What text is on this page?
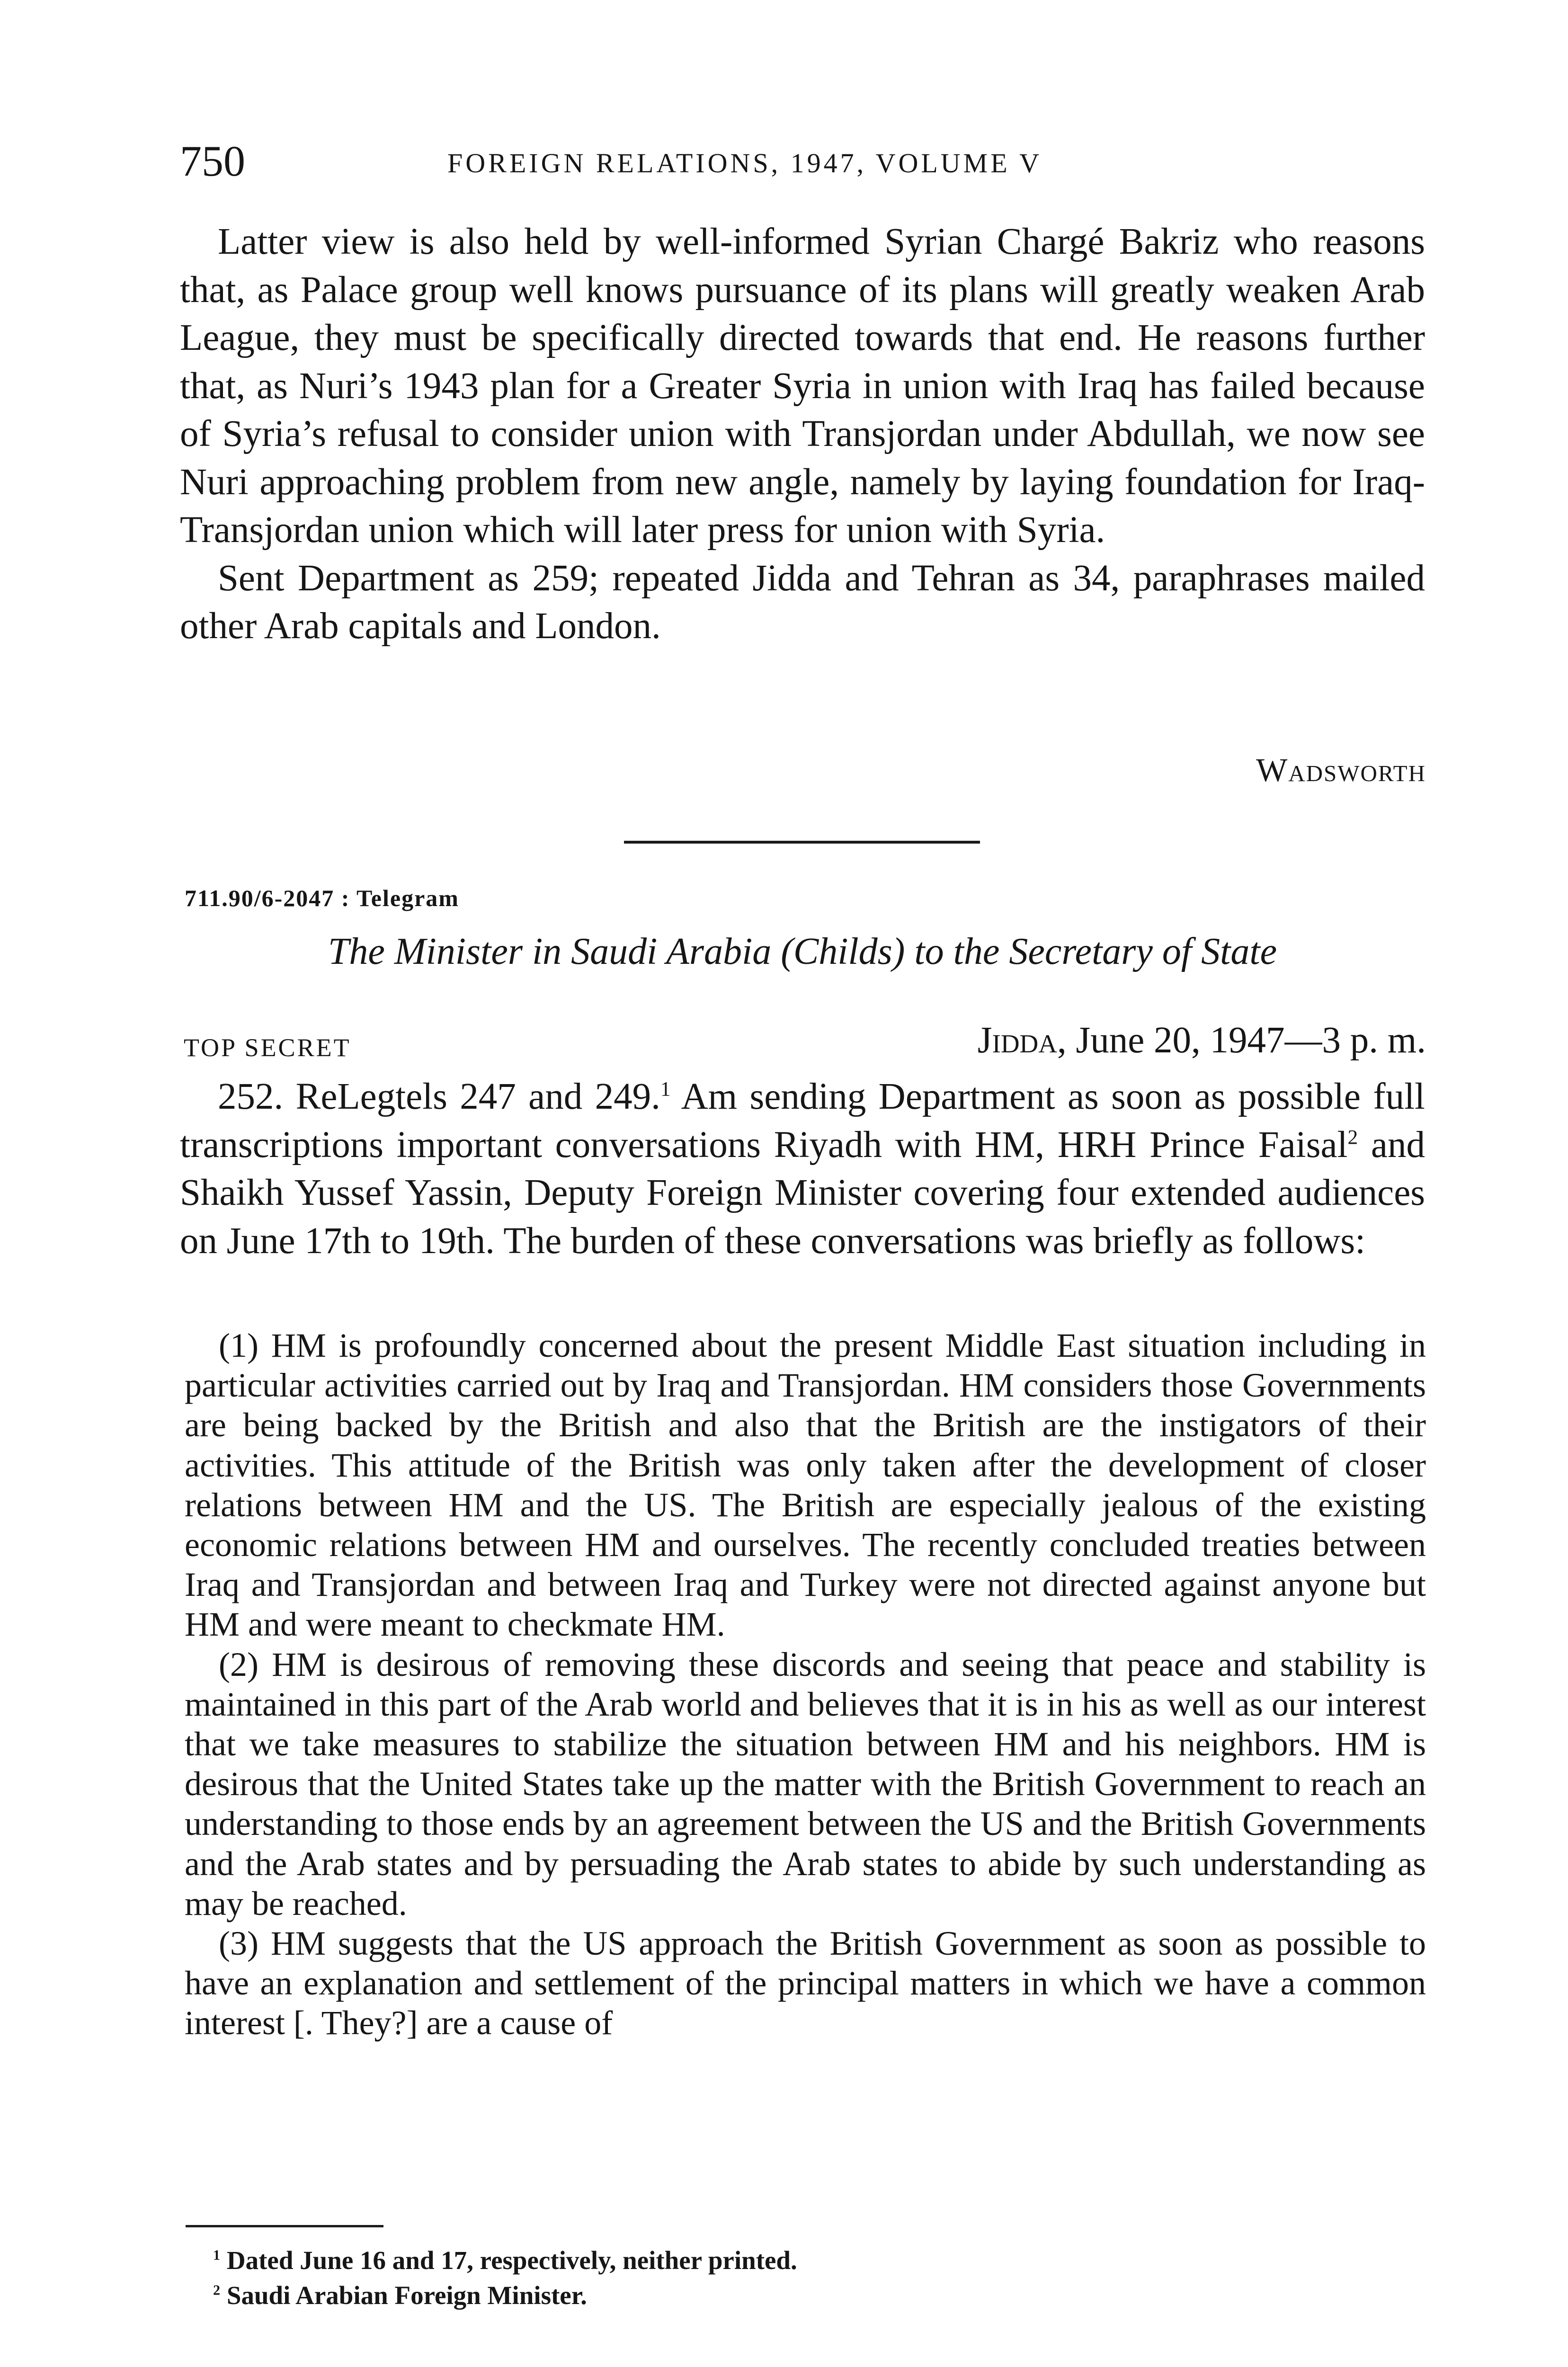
750	FOREIGN RELATIONS, 1947, VOLUME V

Latter view is also held by well-informed Syrian Chargé Bakriz who reasons that, as Palace group well knows pursuance of its plans will greatly weaken Arab League, they must be specifically directed towards that end. He reasons further that, as Nuri’s 1943 plan for a Greater Syria in union with Iraq has failed because of Syria’s refusal to consider union with Transjordan under Abdullah, we now see Nuri approaching problem from new angle, namely by laying foundation for Iraq-Transjordan union which will later press for union with Syria.

Sent Department as 259; repeated Jidda and Tehran as 34, paraphrases mailed other Arab capitals and London.

Wadsworth
711.90/6-2047 : Telegram
The Minister in Saudi Arabia (Childs) to the Secretary of State
TOP SECRET	Jidda, June 20, 1947—3 p. m.

252. ReLegtels 247 and 249.$^1$ Am sending Department as soon as possible full transcriptions important conversations Riyadh with HM, HRH Prince Faisal$^2$ and Shaikh Yussef Yassin, Deputy Foreign Minister covering four extended audiences on June 17th to 19th. The burden of these conversations was briefly as follows:

(1) HM is profoundly concerned about the present Middle East situation including in particular activities carried out by Iraq and Transjordan. HM considers those Governments are being backed by the British and also that the British are the instigators of their activities. This attitude of the British was only taken after the development of closer relations between HM and the US. The British are especially jealous of the existing economic relations between HM and ourselves. The recently concluded treaties between Iraq and Transjordan and between Iraq and Turkey were not directed against anyone but HM and were meant to checkmate HM.

(2) HM is desirous of removing these discords and seeing that peace and stability is maintained in this part of the Arab world and believes that it is in his as well as our interest that we take measures to stabilize the situation between HM and his neighbors. HM is desirous that the United States take up the matter with the British Government to reach an understanding to those ends by an agreement between the US and the British Governments and the Arab states and by persuading the Arab states to abide by such understanding as may be reached.

(3) HM suggests that the US approach the British Government as soon as possible to have an explanation and settlement of the principal matters in which we have a common interest [. They?] are a cause of

$^1$ Dated June 16 and 17, respectively, neither printed.

$^2$ Saudi Arabian Foreign Minister.
